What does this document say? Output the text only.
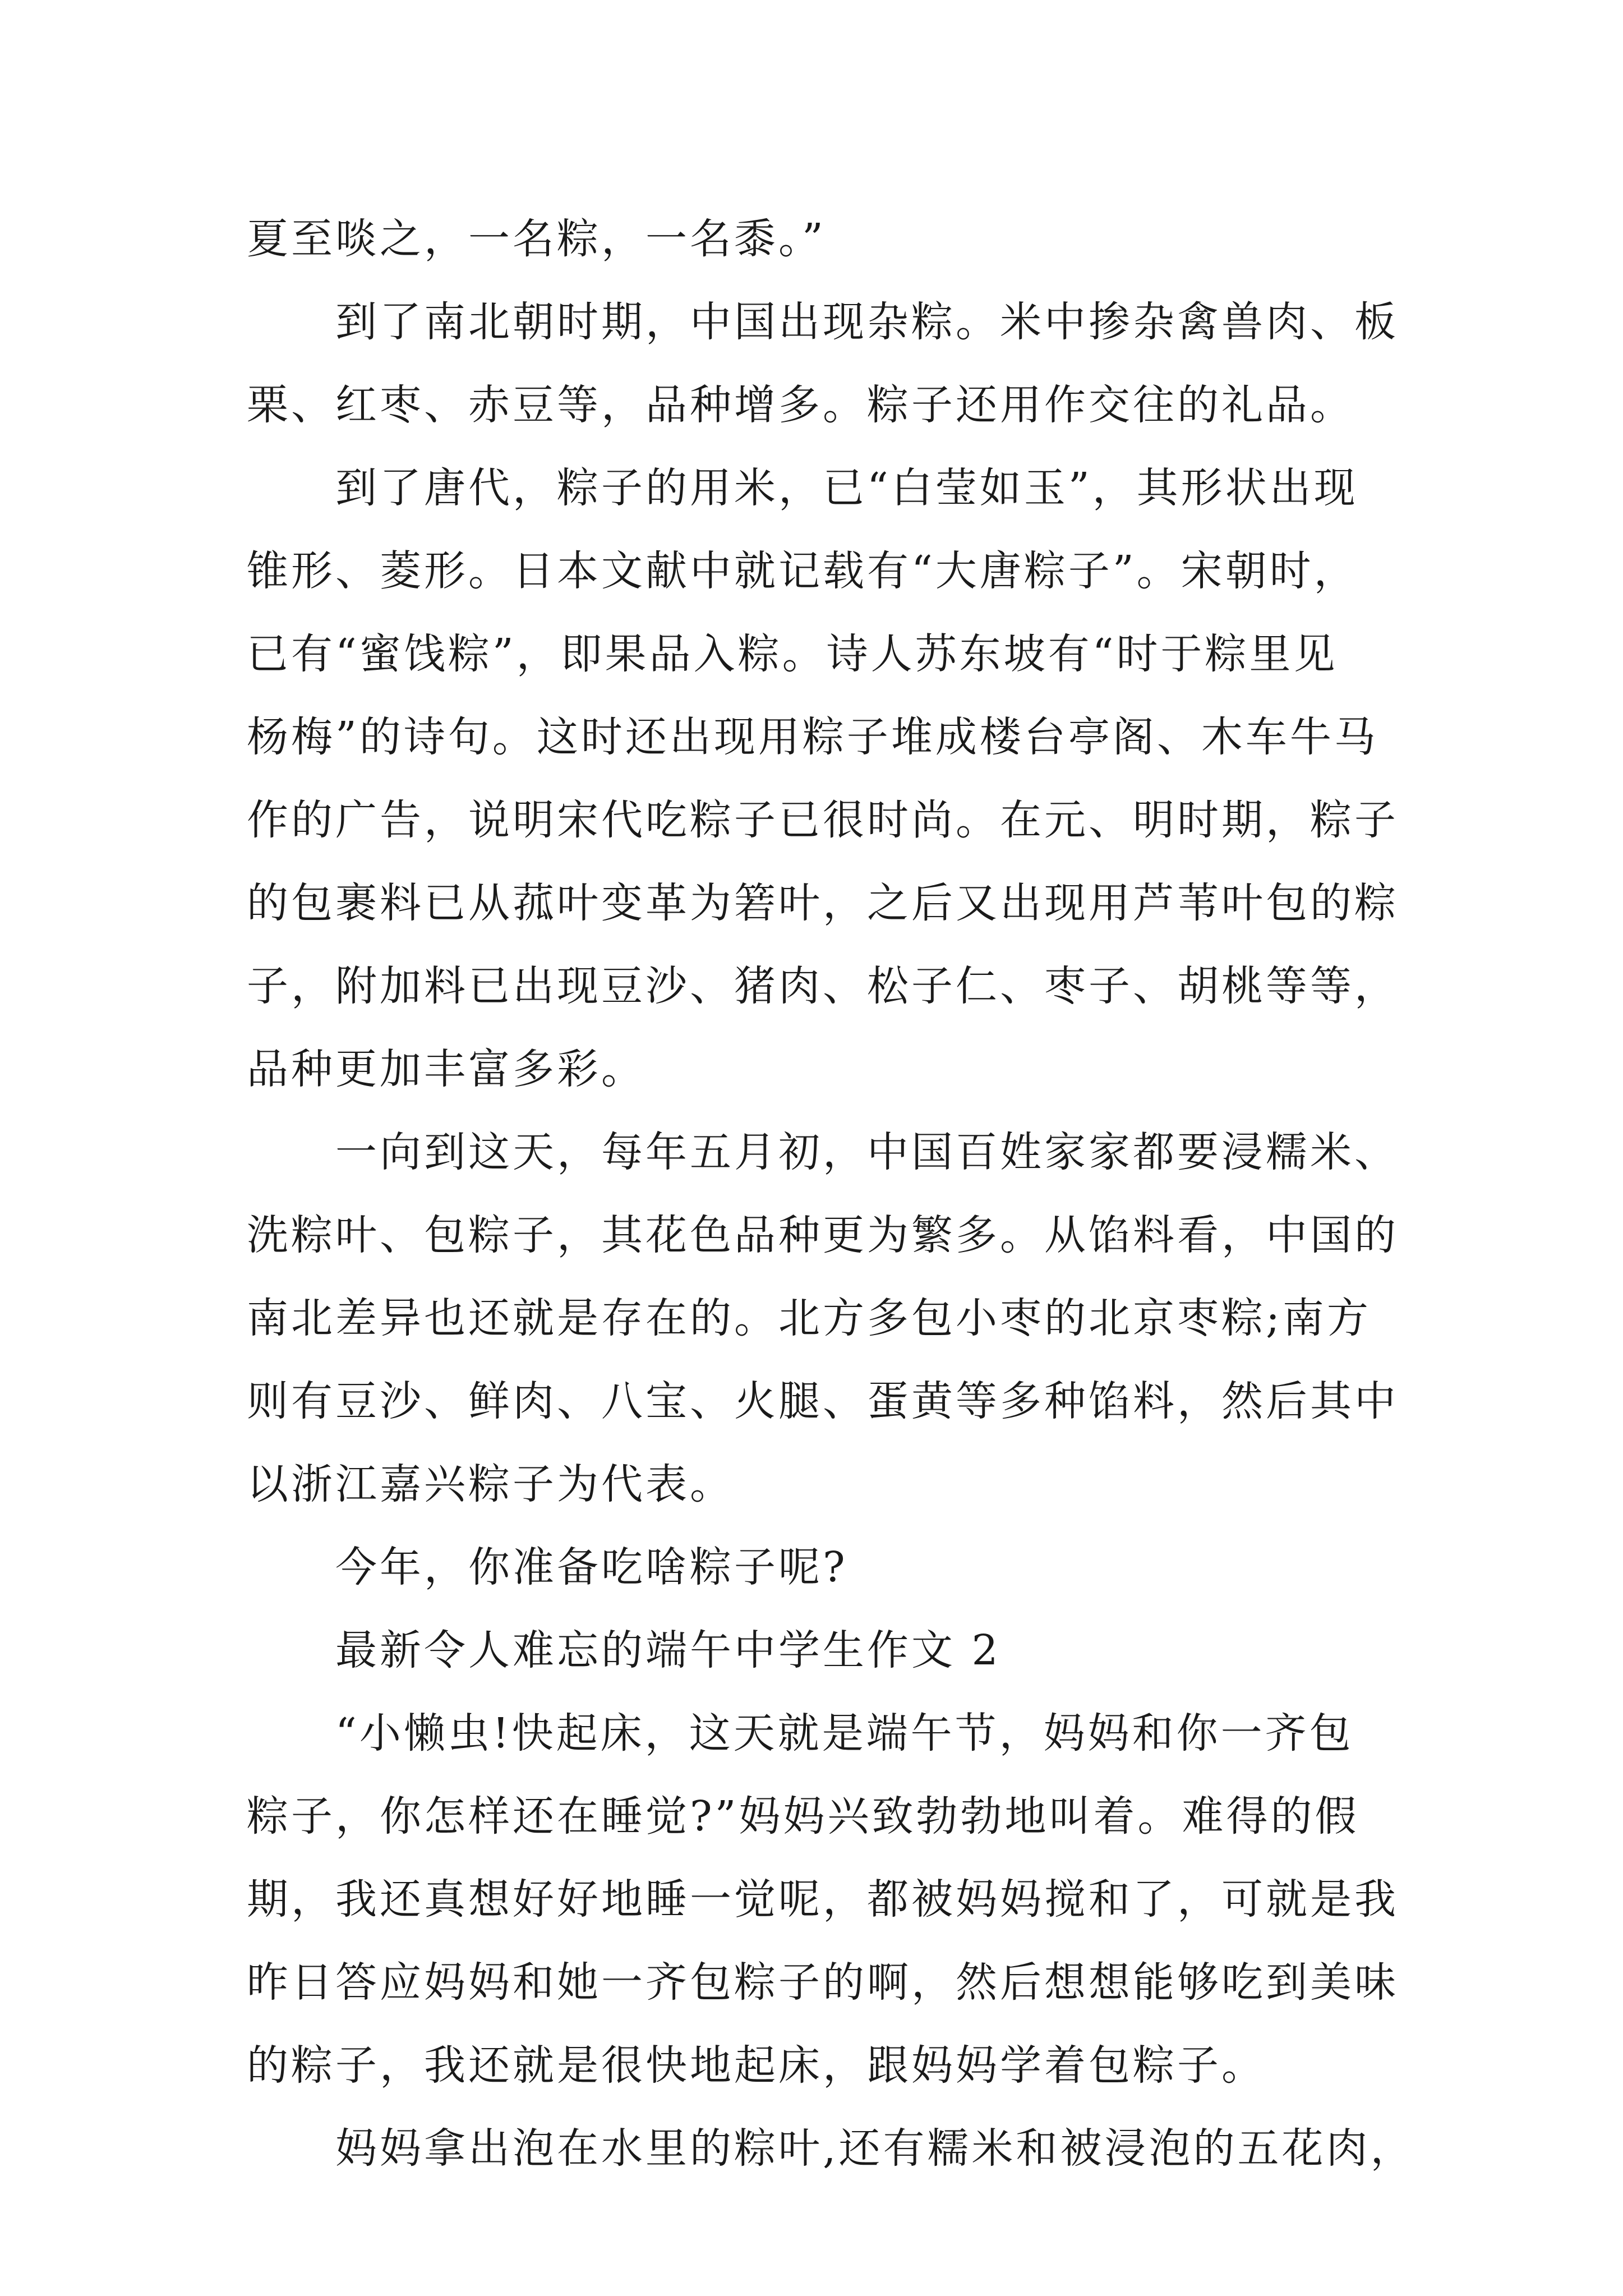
夏至啖之，一名粽，一名黍。”
到了南北朝时期，中国出现杂粽。米中掺杂禽兽肉、板
栗、红枣、赤豆等，品种增多。粽子还用作交往的礼品。
到了唐代，粽子的用米，已“白莹如玉”，其形状出现
锥形、菱形。日本文献中就记载有“大唐粽子”。宋朝时，
已有“蜜饯粽”，即果品入粽。诗人苏东坡有“时于粽里见
杨梅”的诗句。这时还出现用粽子堆成楼台亭阁、木车牛马
作的广告，说明宋代吃粽子已很时尚。在元、明时期，粽子
的包裹料已从菰叶变革为箬叶，之后又出现用芦苇叶包的粽
子，附加料已出现豆沙、猪肉、松子仁、枣子、胡桃等等，
品种更加丰富多彩。
一向到这天，每年五月初，中国百姓家家都要浸糯米、
洗粽叶、包粽子，其花色品种更为繁多。从馅料看，中国的
南北差异也还就是存在的。北方多包小枣的北京枣粽;南方
则有豆沙、鲜肉、八宝、火腿、蛋黄等多种馅料，然后其中
以浙江嘉兴粽子为代表。
今年，你准备吃啥粽子呢?
最新令人难忘的端午中学生作文 2
“小懒虫!快起床，这天就是端午节，妈妈和你一齐包
粽子，你怎样还在睡觉?”妈妈兴致勃勃地叫着。难得的假
期，我还真想好好地睡一觉呢，都被妈妈搅和了，可就是我
昨日答应妈妈和她一齐包粽子的啊，然后想想能够吃到美味
的粽子，我还就是很快地起床，跟妈妈学着包粽子。
妈妈拿出泡在水里的粽叶,还有糯米和被浸泡的五花肉，
